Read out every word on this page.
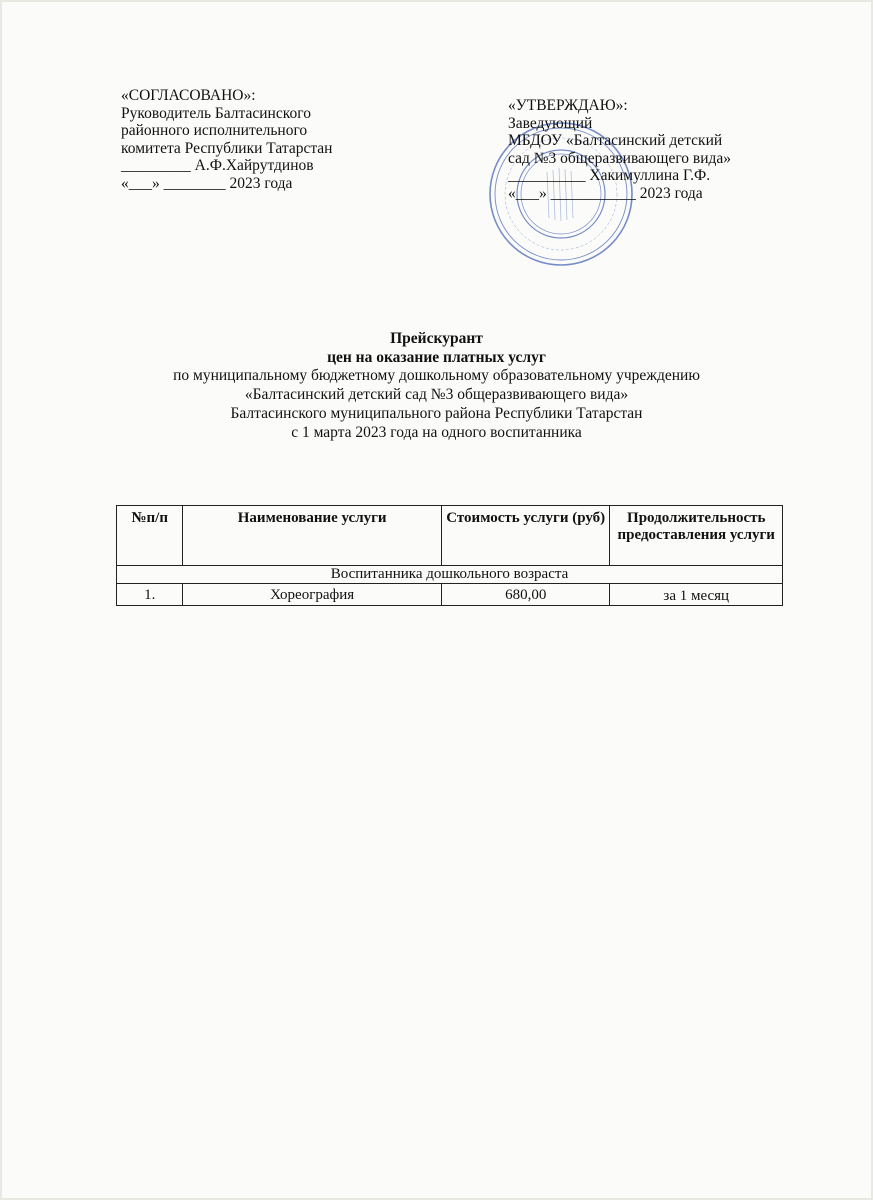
«СОГЛАСОВАНО»:
Руководитель Балтасинского
районного исполнительного
комитета Республики Татарстан
_________ А.Ф.Хайрутдинов
«___» ________ 2023 года
«УТВЕРЖДАЮ»:
Заведующий
МБДОУ «Балтасинский детский
сад №3 общеразвивающего вида»
__________ Хакимуллина Г.Ф.
«___» ___________ 2023 года
Прейскурант
цен на оказание платных услуг
по муниципальному бюджетному дошкольному образовательному учреждению
«Балтасинский детский сад №3 общеразвивающего вида»
Балтасинского муниципального района Республики Татарстан
с 1 марта 2023 года на одного воспитанника
№п/п	Наименование услуги	Стоимость услуги (руб)	Продолжительность предоставления услуги
Воспитанника дошкольного возраста			
1.	Хореография	680,00	за 1 месяц
